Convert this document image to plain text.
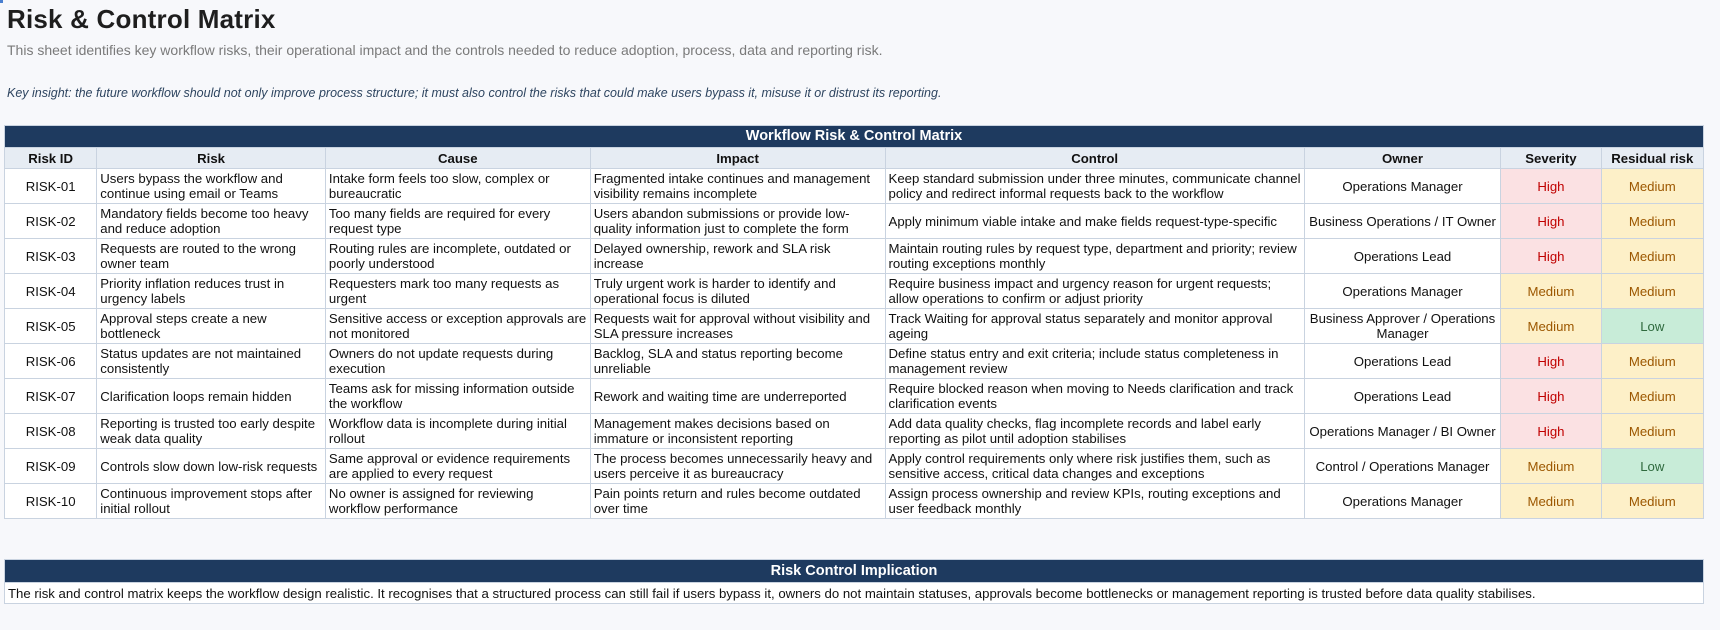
Risk & Control Matrix
This sheet identifies key workflow risks, their operational impact and the controls needed to reduce adoption, process, data and reporting risk.
Key insight: the future workflow should not only improve process structure; it must also control the risks that could make users bypass it, misuse it or distrust its reporting.
Workflow Risk & Control Matrix							
Risk ID	Risk	Cause	Impact	Control	Owner	Severity	Residual risk
RISK-01	Users bypass the workflow and continue using email or Teams	Intake form feels too slow, complex or bureaucratic	Fragmented intake continues and management visibility remains incomplete	Keep standard submission under three minutes, communicate channel policy and redirect informal requests back to the workflow	Operations Manager	High	Medium
RISK-02	Mandatory fields become too heavy and reduce adoption	Too many fields are required for every request type	Users abandon submissions or provide low-quality information just to complete the form	Apply minimum viable intake and make fields request-type-specific	Business Operations / IT Owner	High	Medium
RISK-03	Requests are routed to the wrong owner team	Routing rules are incomplete, outdated or poorly understood	Delayed ownership, rework and SLA risk increase	Maintain routing rules by request type, department and priority; review routing exceptions monthly	Operations Lead	High	Medium
RISK-04	Priority inflation reduces trust in urgency labels	Requesters mark too many requests as urgent	Truly urgent work is harder to identify and operational focus is diluted	Require business impact and urgency reason for urgent requests; allow operations to confirm or adjust priority	Operations Manager	Medium	Medium
RISK-05	Approval steps create a new bottleneck	Sensitive access or exception approvals are not monitored	Requests wait for approval without visibility and SLA pressure increases	Track Waiting for approval status separately and monitor approval ageing	Business Approver / Operations Manager	Medium	Low
RISK-06	Status updates are not maintained consistently	Owners do not update requests during execution	Backlog, SLA and status reporting become unreliable	Define status entry and exit criteria; include status completeness in management review	Operations Lead	High	Medium
RISK-07	Clarification loops remain hidden	Teams ask for missing information outside the workflow	Rework and waiting time are underreported	Require blocked reason when moving to Needs clarification and track clarification events	Operations Lead	High	Medium
RISK-08	Reporting is trusted too early despite weak data quality	Workflow data is incomplete during initial rollout	Management makes decisions based on immature or inconsistent reporting	Add data quality checks, flag incomplete records and label early reporting as pilot until adoption stabilises	Operations Manager / BI Owner	High	Medium
RISK-09	Controls slow down low-risk requests	Same approval or evidence requirements are applied to every request	The process becomes unnecessarily heavy and users perceive it as bureaucracy	Apply control requirements only where risk justifies them, such as sensitive access, critical data changes and exceptions	Control / Operations Manager	Medium	Low
RISK-10	Continuous improvement stops after initial rollout	No owner is assigned for reviewing workflow performance	Pain points return and rules become outdated over time	Assign process ownership and review KPIs, routing exceptions and user feedback monthly	Operations Manager	Medium	Medium
Risk Control Implication
The risk and control matrix keeps the workflow design realistic. It recognises that a structured process can still fail if users bypass it, owners do not maintain statuses, approvals become bottlenecks or management reporting is trusted before data quality stabilises.
